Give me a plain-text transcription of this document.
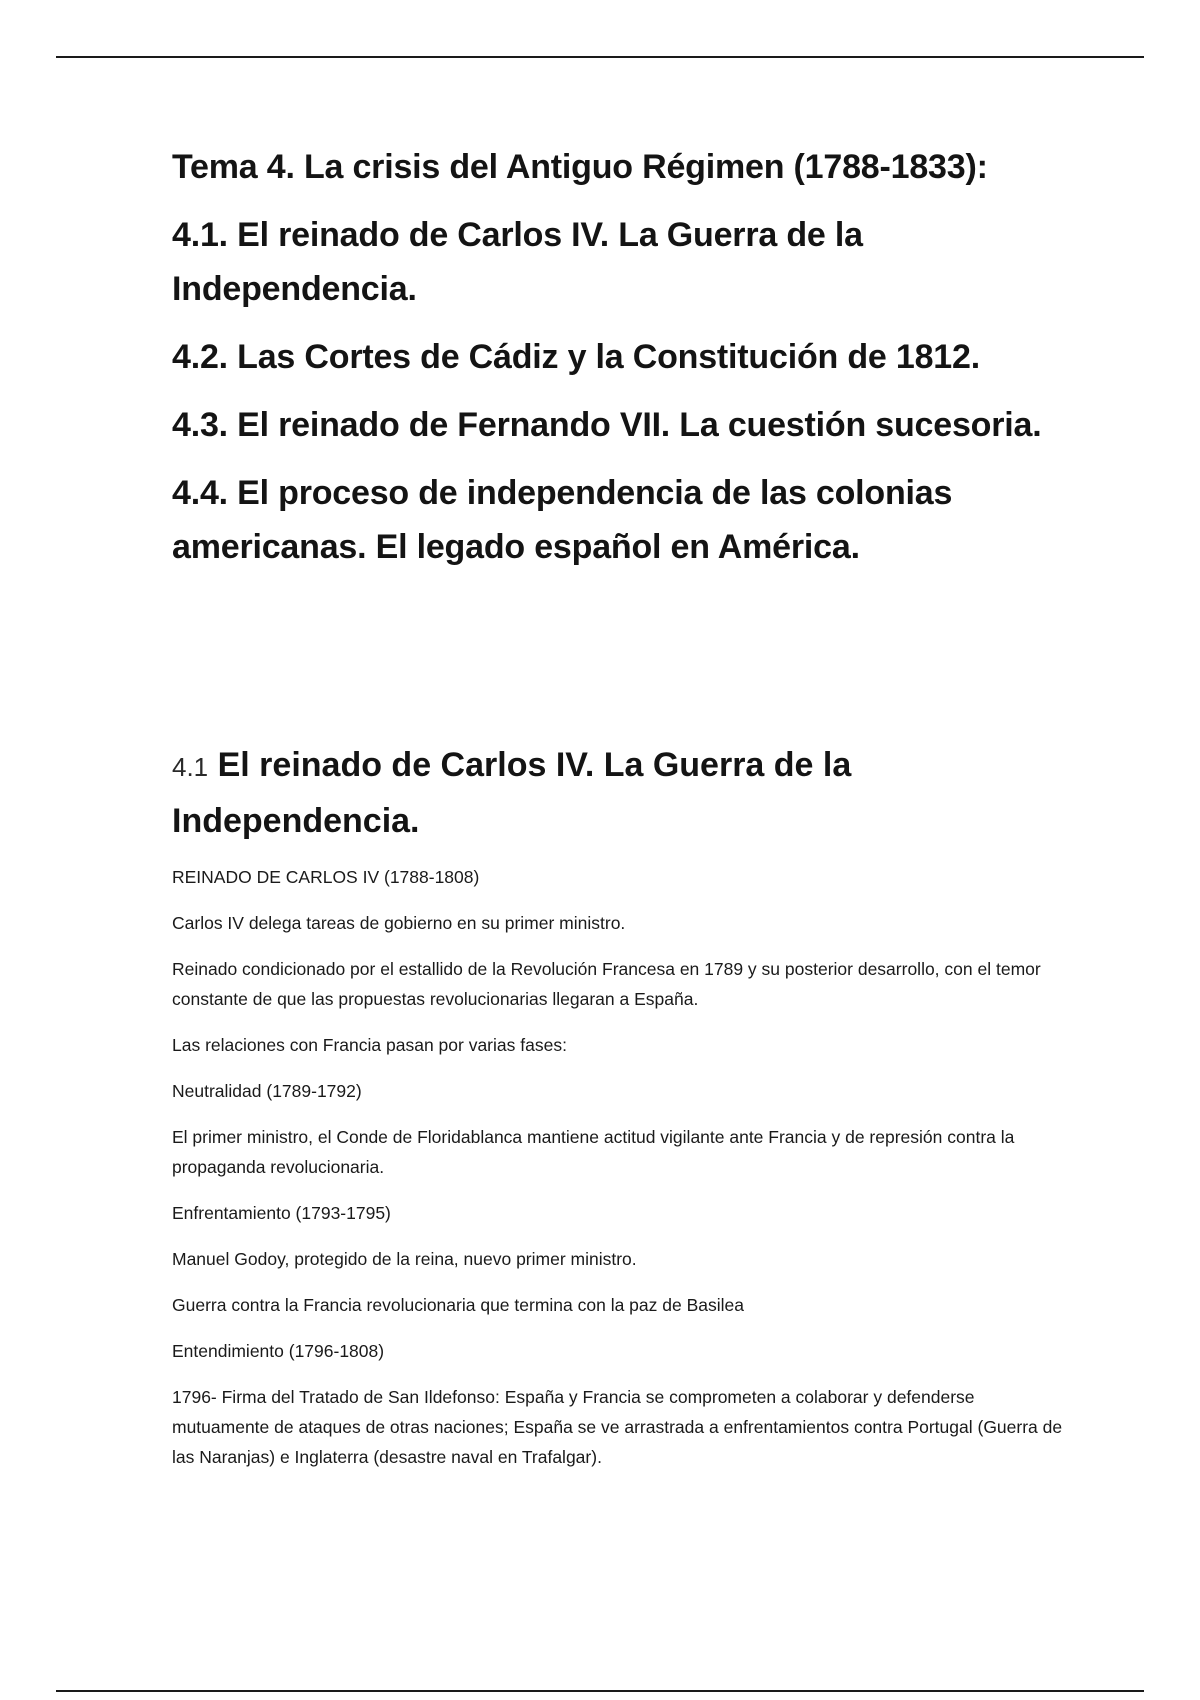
Tema 4. La crisis del Antiguo Régimen (1788-1833):
4.1. El reinado de Carlos IV. La Guerra de la Independencia.
4.2. Las Cortes de Cádiz y la Constitución de 1812.
4.3. El reinado de Fernando VII. La cuestión sucesoria.
4.4. El proceso de independencia de las colonias americanas. El legado español en América.
4.1 El reinado de Carlos IV. La Guerra de la Independencia.

REINADO DE CARLOS IV (1788-1808)

Carlos IV delega tareas de gobierno en su primer ministro.

Reinado condicionado por el estallido de la Revolución Francesa en 1789 y su posterior desarrollo, con el temor constante de que las propuestas revolucionarias llegaran a España.

Las relaciones con Francia pasan por varias fases:

Neutralidad (1789-1792)

El primer ministro, el Conde de Floridablanca mantiene actitud vigilante ante Francia y de represión contra la propaganda revolucionaria.

Enfrentamiento (1793-1795)

Manuel Godoy, protegido de la reina, nuevo primer ministro.

Guerra contra la Francia revolucionaria que termina con la paz de Basilea

Entendimiento (1796-1808)

1796- Firma del Tratado de San Ildefonso: España y Francia se comprometen a colaborar y defenderse mutuamente de ataques de otras naciones; España se ve arrastrada a enfrentamientos contra Portugal (Guerra de las Naranjas) e Inglaterra (desastre naval en Trafalgar).
